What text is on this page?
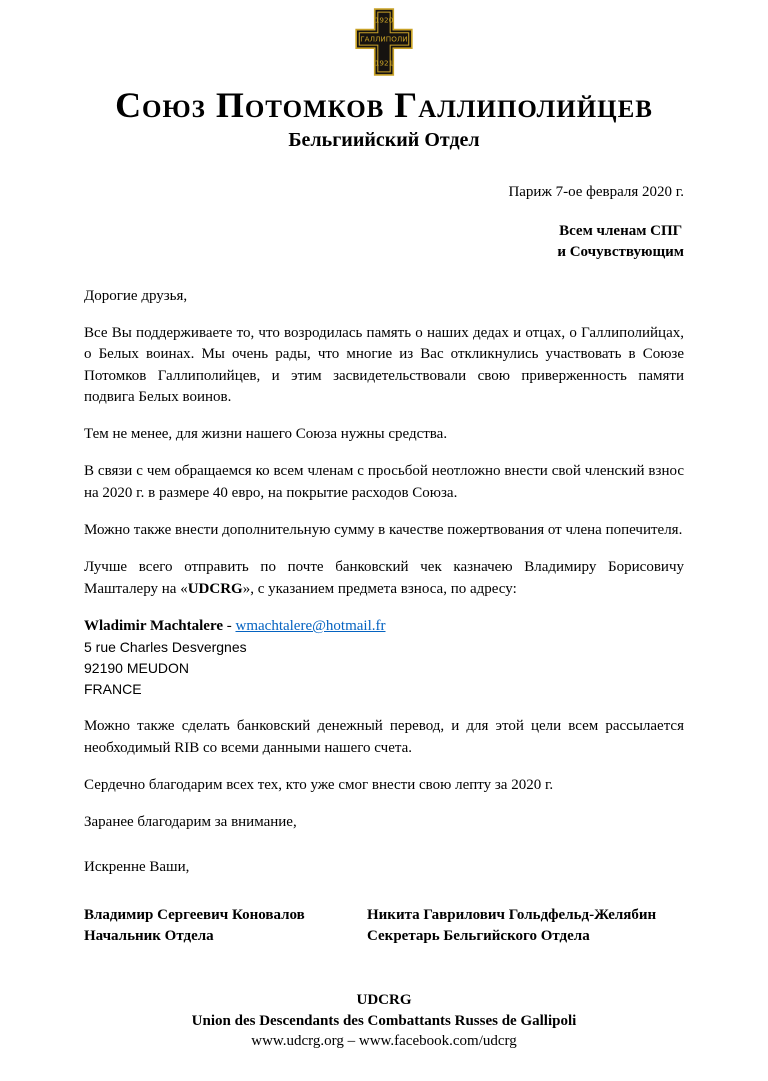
1920
ГАЛЛИПОЛИ
1921
Союз Потомков Галлиполийцев
Бельгиийский Отдел
Париж 7-ое февраля 2020 г.
Всем членам СПГ
и Сочувствующим
Дорогие друзья,

Все Вы поддерживаете то, что возродилась память о наших дедах и отцах, о Галлиполийцах, о Белых воинах. Мы очень рады, что многие из Вас откликнулись участвовать в Союзе Потомков Галлиполийцев, и этим засвидетельствовали свою приверженность памяти подвига Белых воинов.

Тем не менее, для жизни нашего Союза нужны средства.

В связи с чем обращаемся ко всем членам с просьбой неотложно внести свой членский взнос на 2020 г. в размере 40 евро, на покрытие расходов Союза.

Можно также внести дополнительную сумму в качестве пожертвования от члена попечителя.

Лучше всего отправить по почте банковский чек казначею Владимиру Борисовичу Машталеру на «UDCRG», с указанием предмета взноса, по адресу:

Wladimir Machtalere - wmachtalere@hotmail.fr
5 rue Charles Desvergnes
92190 MEUDON
FRANCE

Можно также сделать банковский денежный перевод, и для этой цели всем рассылается необходимый RIB со всеми данными нашего счета.

Сердечно благодарим всех тех, кто уже смог внести свою лепту за 2020 г.

Заранее благодарим за внимание,

Искренне Ваши,

Владимир Сергеевич Коновалов
Начальник Отдела
Никита Гаврилович Гольдфельд-Желябин
Секретарь Бельгийского Отдела
UDCRG
Union des Descendants des Combattants Russes de Gallipoli
www.udcrg.org – www.facebook.com/udcrg
